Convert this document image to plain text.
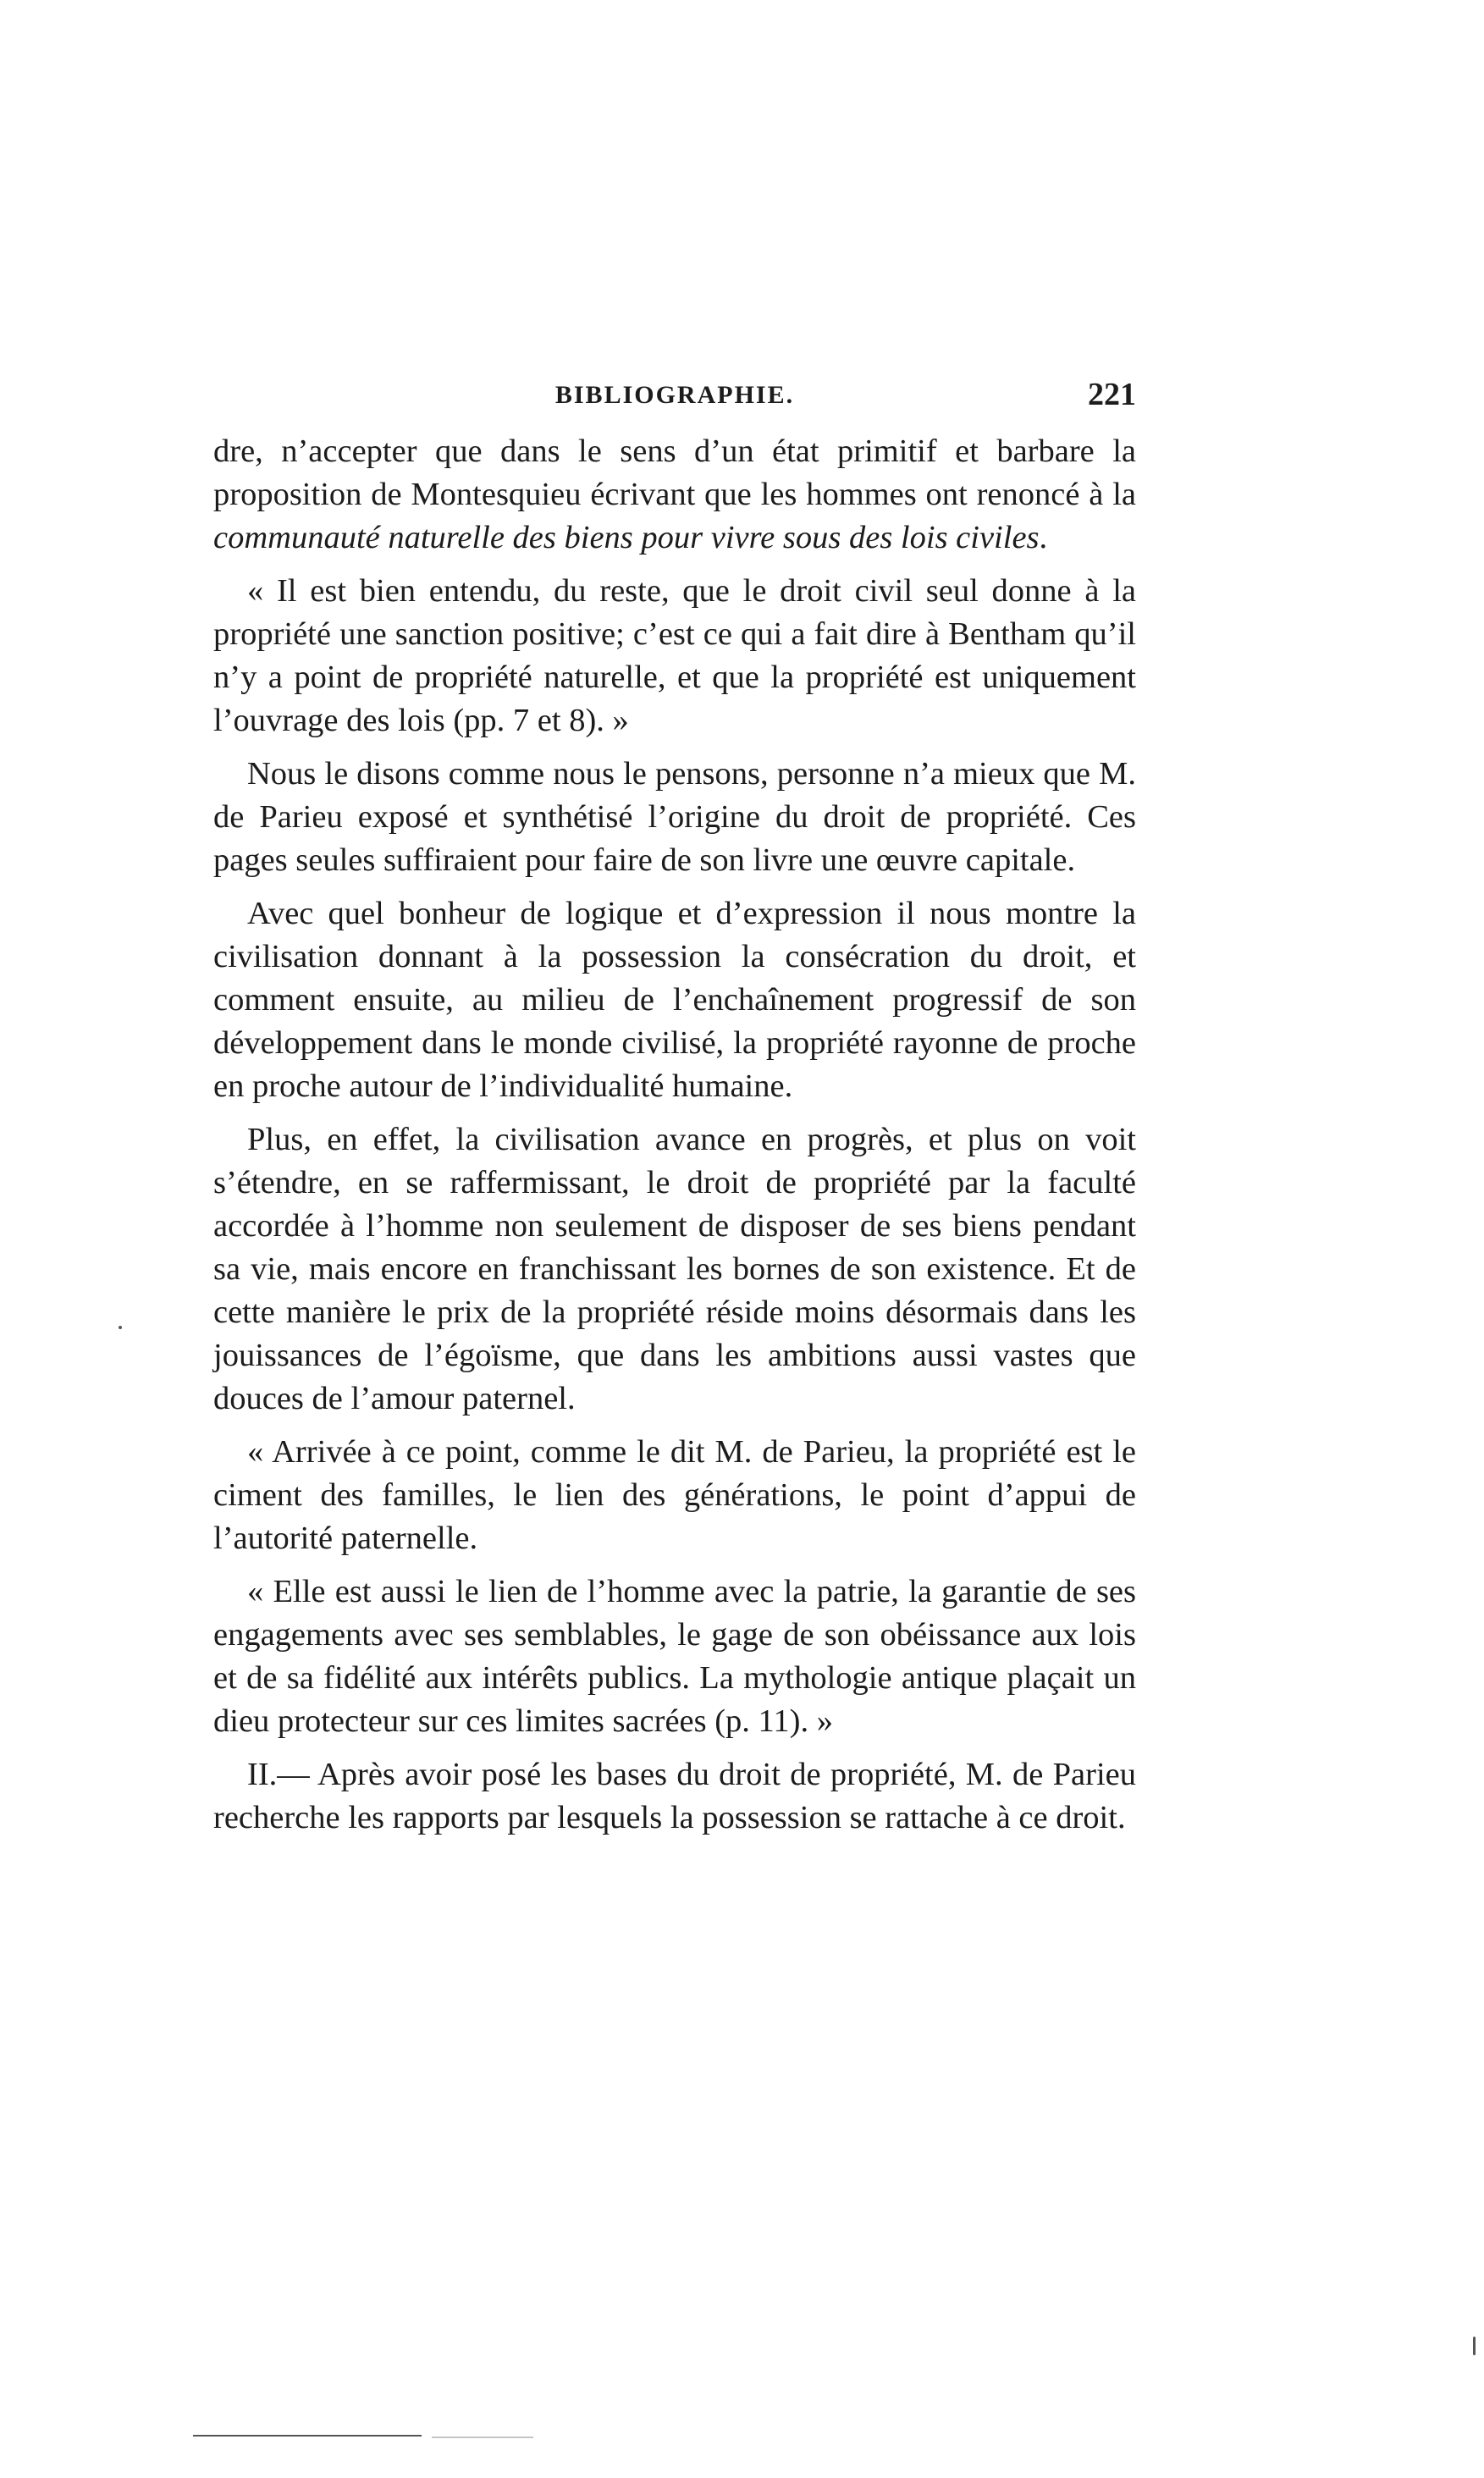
BIBLIOGRAPHIE.	221

dre, n’accepter que dans le sens d’un état primitif et barbare la proposition de Montesquieu écrivant que les hommes ont renoncé à la communauté naturelle des biens pour vivre sous des lois civiles.

« Il est bien entendu, du reste, que le droit civil seul donne à la propriété une sanction positive; c’est ce qui a fait dire à Bentham qu’il n’y a point de propriété naturelle, et que la propriété est uniquement l’ouvrage des lois (pp. 7 et 8). »

Nous le disons comme nous le pensons, personne n’a mieux que M. de Parieu exposé et synthétisé l’origine du droit de propriété. Ces pages seules suffiraient pour faire de son livre une œuvre capitale.

Avec quel bonheur de logique et d’expression il nous montre la civilisation donnant à la possession la consécration du droit, et comment ensuite, au milieu de l’enchaînement progressif de son développement dans le monde civilisé, la propriété rayonne de proche en proche autour de l’individualité humaine.

Plus, en effet, la civilisation avance en progrès, et plus on voit s’étendre, en se raffermissant, le droit de propriété par la faculté accordée à l’homme non seulement de disposer de ses biens pendant sa vie, mais encore en franchissant les bornes de son existence. Et de cette manière le prix de la propriété réside moins désormais dans les jouissances de l’égoïsme, que dans les ambitions aussi vastes que douces de l’amour paternel.

« Arrivée à ce point, comme le dit M. de Parieu, la propriété est le ciment des familles, le lien des générations, le point d’appui de l’autorité paternelle.

« Elle est aussi le lien de l’homme avec la patrie, la garantie de ses engagements avec ses semblables, le gage de son obéissance aux lois et de sa fidélité aux intérêts publics. La mythologie antique plaçait un dieu protecteur sur ces limites sacrées (p. 11). »

II.— Après avoir posé les bases du droit de propriété, M. de Parieu recherche les rapports par lesquels la possession se rattache à ce droit.
